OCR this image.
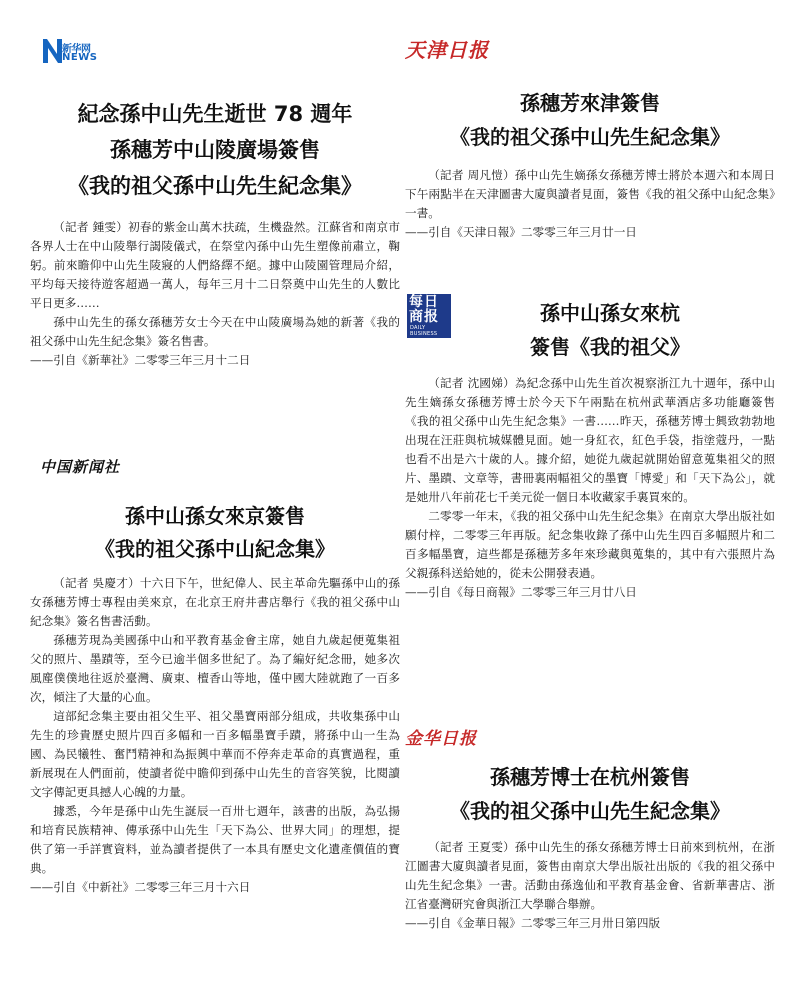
新华网
NEWS
紀念孫中山先生逝世 78 週年
孫穗芳中山陵廣場簽售
《我的祖父孫中山先生紀念集》

（記者 鍾雯）初春的紫金山萬木扶疏，生機盎然。江蘇省和南京市各界人士在中山陵舉行謁陵儀式，在祭堂內孫中山先生塑像前肅立，鞠躬。前來瞻仰中山先生陵寢的人們絡繹不絕。據中山陵園管理局介紹，平均每天接待遊客超過一萬人，每年三月十二日祭奠中山先生的人數比平日更多……

孫中山先生的孫女孫穗芳女士今天在中山陵廣場為她的新著《我的祖父孫中山先生紀念集》簽名售書。

——引自《新華社》二零零三年三月十二日

中国新闻社
孫中山孫女來京簽售
《我的祖父孫中山紀念集》

（記者 吳慶才）十六日下午，世紀偉人、民主革命先驅孫中山的孫女孫穗芳博士專程由美來京，在北京王府井書店舉行《我的祖父孫中山紀念集》簽名售書活動。

孫穗芳現為美國孫中山和平教育基金會主席，她自九歲起便蒐集祖父的照片、墨蹟等，至今已逾半個多世紀了。為了編好紀念冊，她多次風塵僕僕地往返於臺灣、廣東、檀香山等地，僅中國大陸就跑了一百多次，傾注了大量的心血。

這部紀念集主要由祖父生平、祖父墨寶兩部分組成，共收集孫中山先生的珍貴歷史照片四百多幅和一百多幅墨寶手蹟，將孫中山一生為國、為民犧牲、奮鬥精神和為振興中華而不停奔走革命的真實過程，重新展現在人們面前，使讀者從中瞻仰到孫中山先生的音容笑貌，比閱讀文字傳記更具撼人心魄的力量。

據悉，今年是孫中山先生誕辰一百卅七週年，該書的出版，為弘揚和培育民族精神、傳承孫中山先生「天下為公、世界大同」的理想，提供了第一手詳實資料，並為讀者提供了一本具有歷史文化遺產價值的寶典。

——引自《中新社》二零零三年三月十六日

天津日报
孫穗芳來津簽售
《我的祖父孫中山先生紀念集》

（記者 周凡愷）孫中山先生嫡孫女孫穗芳博士將於本週六和本周日下午兩點半在天津圖書大廈與讀者見面，簽售《我的祖父孫中山紀念集》一書。

——引自《天津日報》二零零三年三月廿一日

每日商报
DAILY BUSINESS
孫中山孫女來杭
簽售《我的祖父》

（記者 沈國娣）為紀念孫中山先生首次視察浙江九十週年，孫中山先生嫡孫女孫穗芳博士於今天下午兩點在杭州武華酒店多功能廳簽售《我的祖父孫中山先生紀念集》一書……昨天，孫穗芳博士興致勃勃地出現在汪莊與杭城媒體見面。她一身紅衣，紅色手袋，指塗蔻丹，一點也看不出是六十歲的人。據介紹，她從九歲起就開始留意蒐集祖父的照片、墨蹟、文章等，書冊裏兩幅祖父的墨寶「博愛」和「天下為公」，就是她卅八年前花七千美元從一個日本收藏家手裏買來的。

二零零一年末，《我的祖父孫中山先生紀念集》在南京大學出版社如願付梓，二零零三年再版。紀念集收錄了孫中山先生四百多幅照片和二百多幅墨寶，這些都是孫穗芳多年來珍藏與蒐集的，其中有六張照片為父親孫科送給她的，從未公開發表過。

——引自《每日商報》二零零三年三月廿八日

金华日报
孫穗芳博士在杭州簽售
《我的祖父孫中山先生紀念集》

（記者 王夏雯）孫中山先生的孫女孫穗芳博士日前來到杭州，在浙江圖書大廈與讀者見面，簽售由南京大學出版社出版的《我的祖父孫中山先生紀念集》一書。活動由孫逸仙和平教育基金會、省新華書店、浙江省臺灣研究會與浙江大學聯合舉辦。

——引自《金華日報》二零零三年三月卅日第四版
